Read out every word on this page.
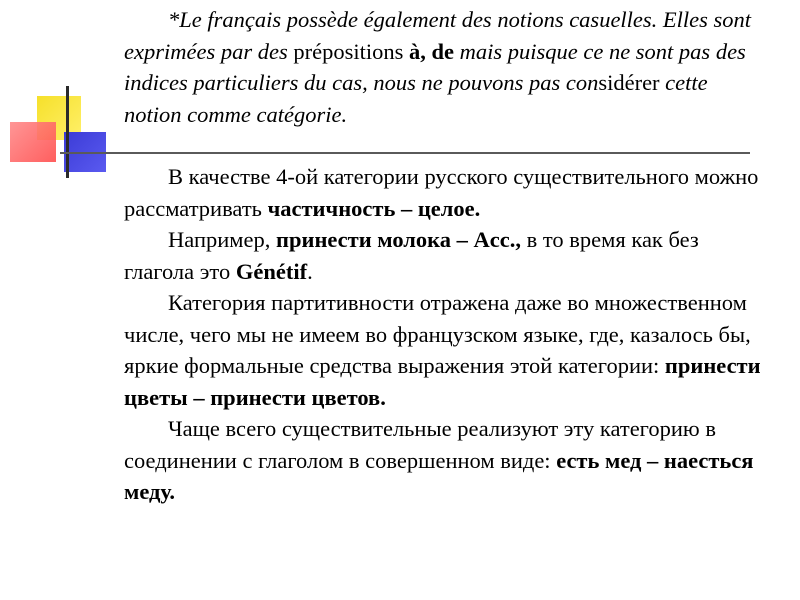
*Le français possède également des notions casuelles. Elles sont exprimées par des prépositions à, de mais puisque ce ne sont pas des indices particuliers du cas, nous ne pouvons pas considérer cette notion comme catégorie.

В качестве 4-ой категории русского существительного можно рассматривать частичность – целое.

Например, принести молока – Acc., в то время как без глагола это Génétif.

Категория партитивности отражена даже во множественном числе, чего мы не имеем во французском языке, где, казалось бы, яркие формальные средства выражения этой категории: принести цветы – принести цветов.

Чаще всего существительные реализуют эту категорию в соединении с глаголом в совершенном виде: есть мед – наесться меду.
